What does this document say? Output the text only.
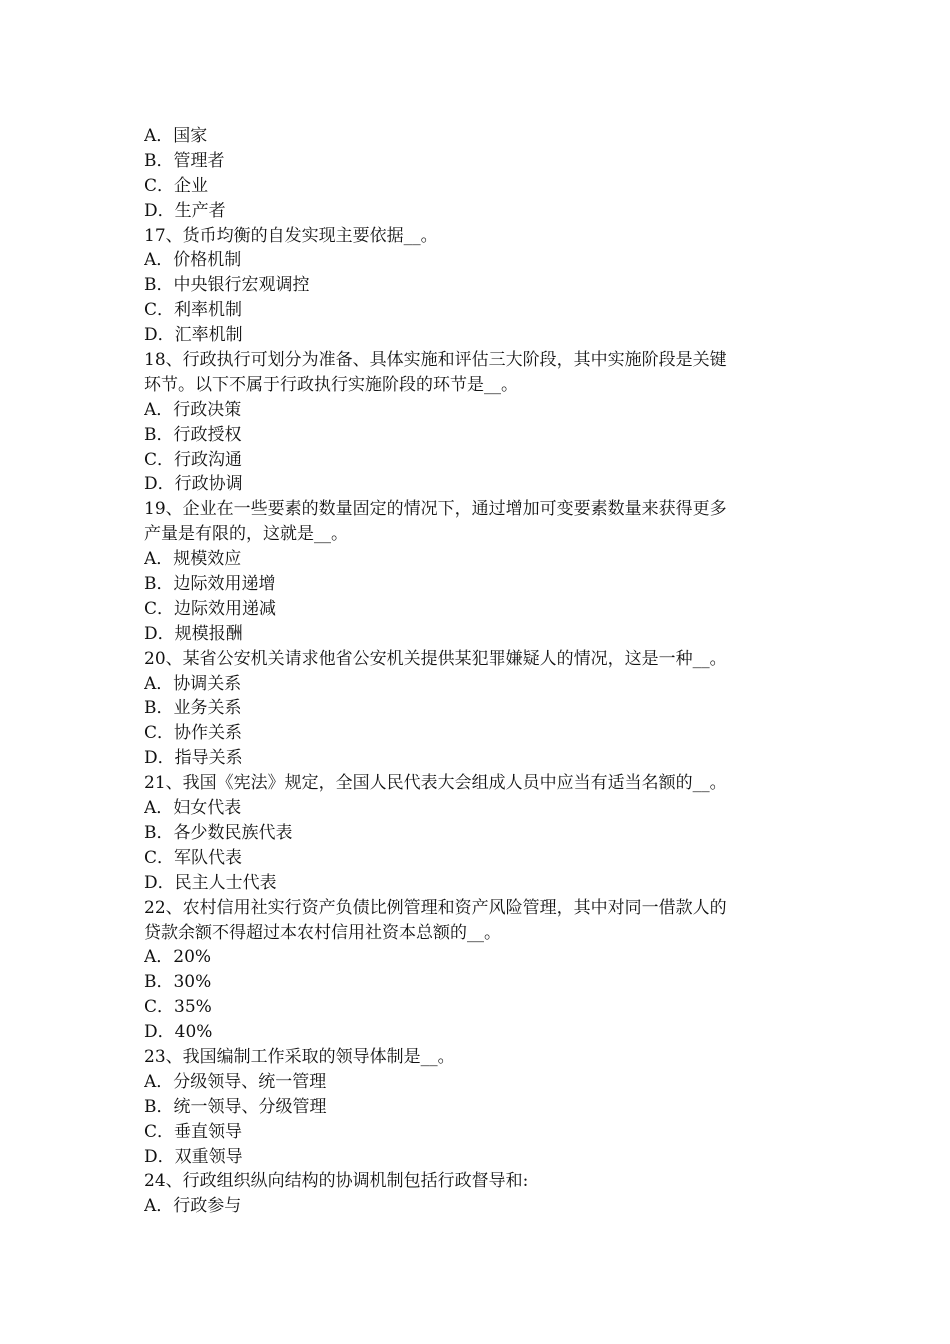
A．国家
B．管理者
C．企业
D．生产者
17、货币均衡的自发实现主要依据__。
A．价格机制
B．中央银行宏观调控
C．利率机制
D．汇率机制
18、行政执行可划分为准备、具体实施和评估三大阶段，其中实施阶段是关键
环节。以下不属于行政执行实施阶段的环节是__。
A．行政决策
B．行政授权
C．行政沟通
D．行政协调
19、企业在一些要素的数量固定的情况下，通过增加可变要素数量来获得更多
产量是有限的，这就是__。
A．规模效应
B．边际效用递增
C．边际效用递减
D．规模报酬
20、某省公安机关请求他省公安机关提供某犯罪嫌疑人的情况，这是一种__。
A．协调关系
B．业务关系
C．协作关系
D．指导关系
21、我国《宪法》规定，全国人民代表大会组成人员中应当有适当名额的__。
A．妇女代表
B．各少数民族代表
C．军队代表
D．民主人士代表
22、农村信用社实行资产负债比例管理和资产风险管理，其中对同一借款人的
贷款余额不得超过本农村信用社资本总额的__。
A．20%
B．30%
C．35%
D．40%
23、我国编制工作采取的领导体制是__。
A．分级领导、统一管理
B．统一领导、分级管理
C．垂直领导
D．双重领导
24、行政组织纵向结构的协调机制包括行政督导和:
A．行政参与
